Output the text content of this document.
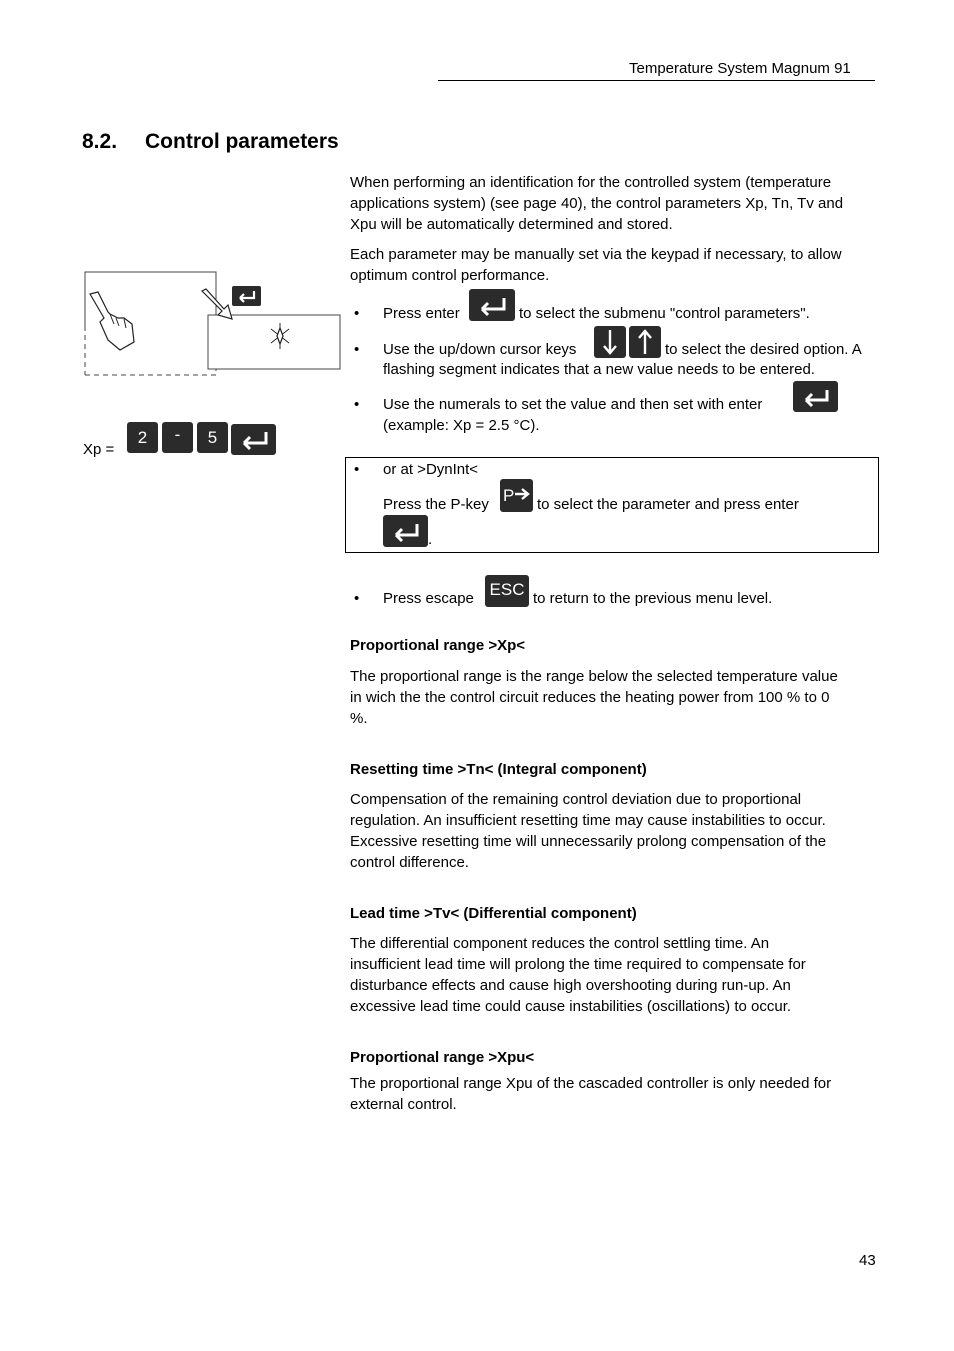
Temperature System Magnum 91
8.2. Control parameters
When performing an identification for the controlled system (temperature
applications system) (see page 40), the control parameters Xp, Tn, Tv and
Xpu will be automatically determined and stored.
Each parameter may be manually set via the keypad if necessary, to allow
optimum control performance.
Xp =
2	-	5
• Press enter	to select the submenu "control parameters".
• Use the up/down cursor keys	to select the desired option. A
flashing segment indicates that a new value needs to be entered.
• Use the numerals to set the value and then set with enter
(example: Xp = 2.5 °C).
• or at >DynInt<
Press the P-key P to select the parameter and press enter
.
• Press escape ESC to return to the previous menu level.
Proportional range >Xp<
The proportional range is the range below the selected temperature value
in wich the the control circuit reduces the heating power from 100 % to 0
%.
Resetting time >Tn< (Integral component)
Compensation of the remaining control deviation due to proportional
regulation. An insufficient resetting time may cause instabilities to occur.
Excessive resetting time will unnecessarily prolong compensation of the
control difference.
Lead time >Tv< (Differential component)
The differential component reduces the control settling time. An
insufficient lead time will prolong the time required to compensate for
disturbance effects and cause high overshooting during run-up. An
excessive lead time could cause instabilities (oscillations) to occur.
Proportional range >Xpu<
The proportional range Xpu of the cascaded controller is only needed for
external control.
43
